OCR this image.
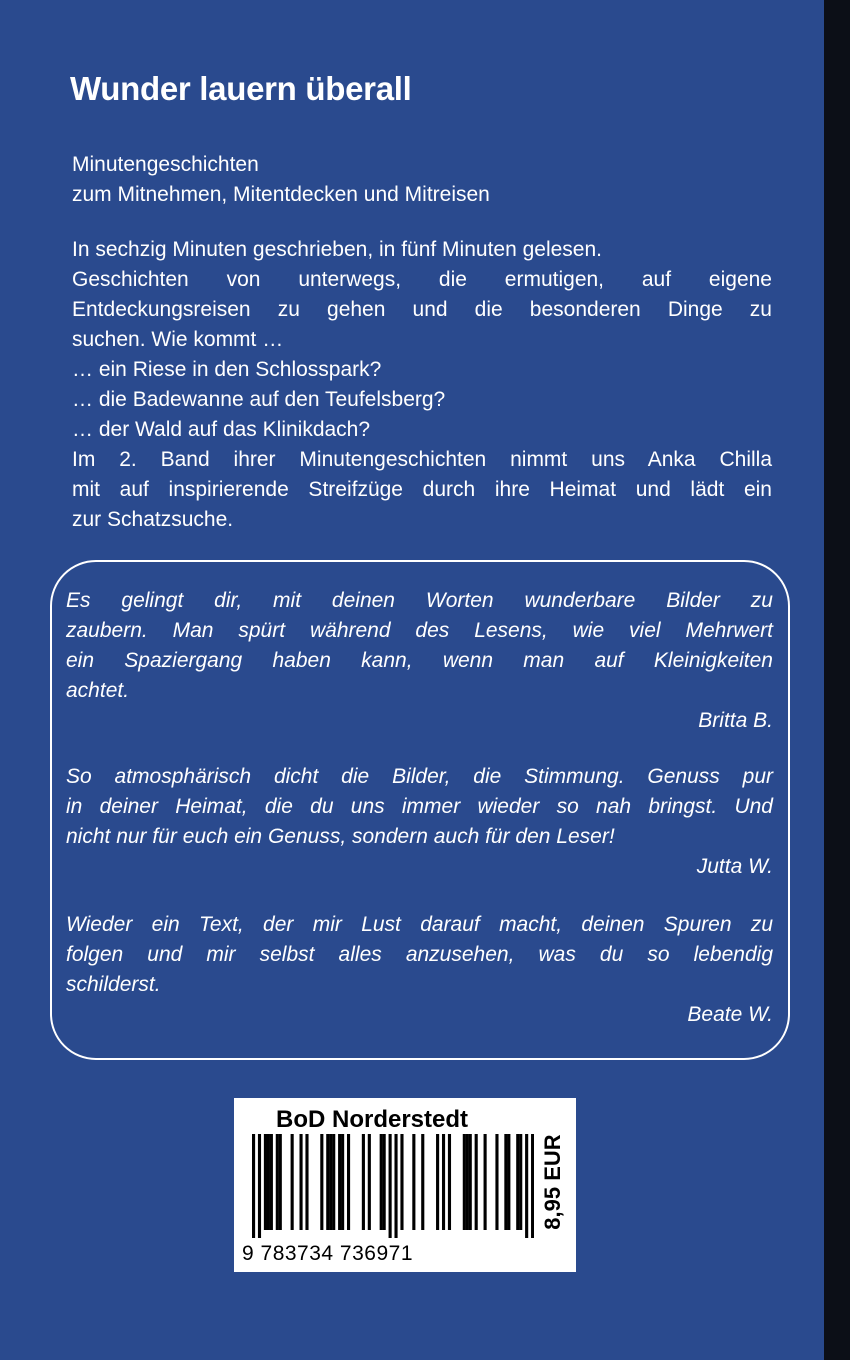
Wunder lauern überall
Minutengeschichten
zum Mitnehmen, Mitentdecken und Mitreisen
In sechzig Minuten geschrieben, in fünf Minuten gelesen.
Geschichten von unterwegs, die ermutigen, auf eigene
Entdeckungsreisen zu gehen und die besonderen Dinge zu
suchen. Wie kommt …
… ein Riese in den Schlosspark?
… die Badewanne auf den Teufelsberg?
… der Wald auf das Klinikdach?
Im 2. Band ihrer Minutengeschichten nimmt uns Anka Chilla
mit auf inspirierende Streifzüge durch ihre Heimat und lädt ein
zur Schatzsuche.
Es gelingt dir, mit deinen Worten wunderbare Bilder zu
zaubern. Man spürt während des Lesens, wie viel Mehrwert
ein Spaziergang haben kann, wenn man auf Kleinigkeiten
achtet.
Britta B.
So atmosphärisch dicht die Bilder, die Stimmung. Genuss pur
in deiner Heimat, die du uns immer wieder so nah bringst. Und
nicht nur für euch ein Genuss, sondern auch für den Leser!
Jutta W.
Wieder ein Text, der mir Lust darauf macht, deinen Spuren zu
folgen und mir selbst alles anzusehen, was du so lebendig
schilderst.
Beate W.
BoD Norderstedt
9 783734 736971
8,95 EUR
